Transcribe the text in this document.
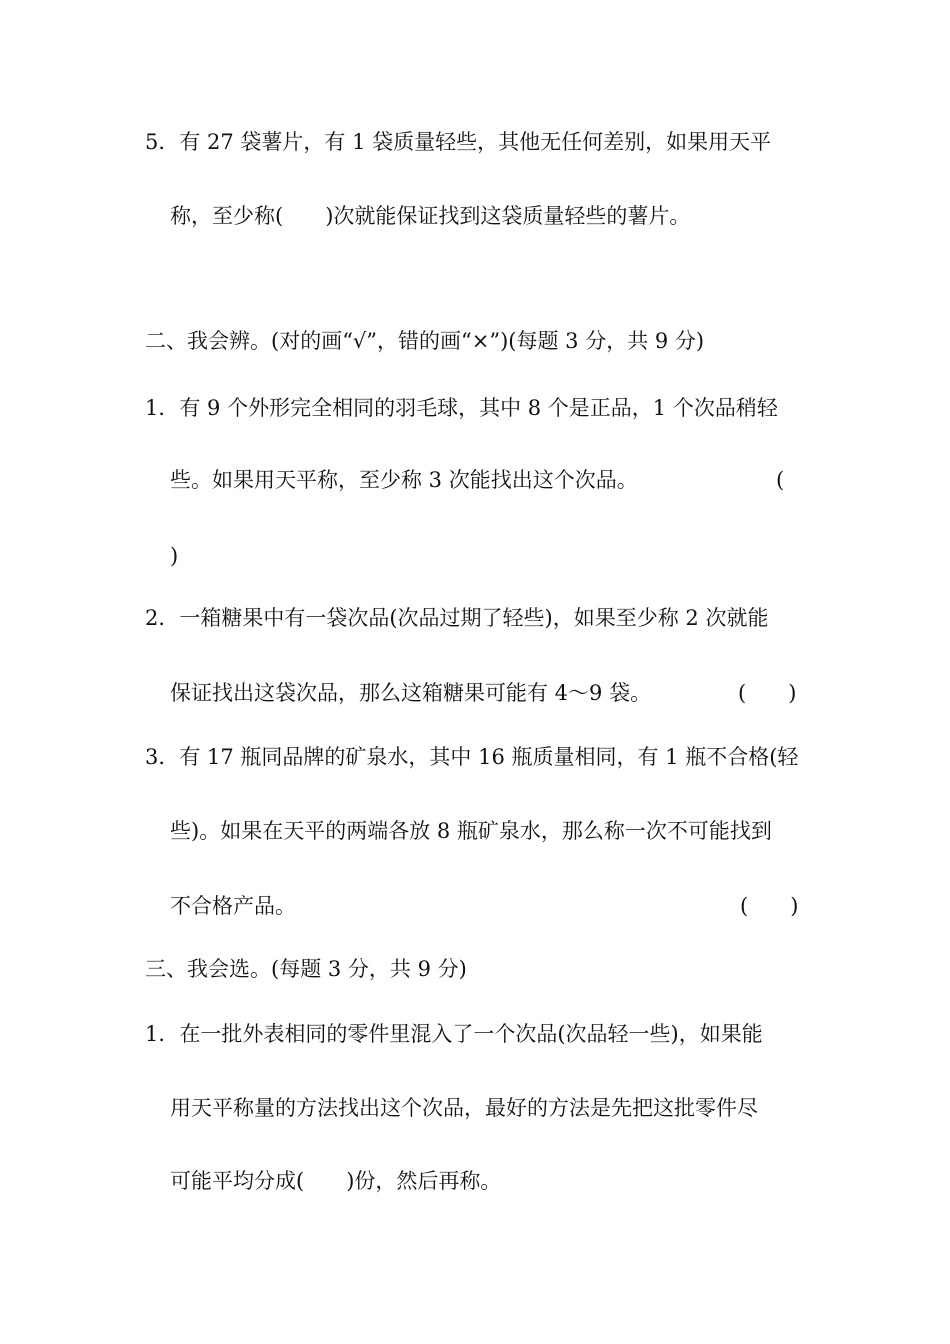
5．有 27 袋薯片，有 1 袋质量轻些，其他无任何差别，如果用天平
称，至少称(　　)次就能保证找到这袋质量轻些的薯片。
二、我会辨。(对的画“√”，错的画“×”)(每题 3 分，共 9 分)
1．有 9 个外形完全相同的羽毛球，其中 8 个是正品，1 个次品稍轻
些。如果用天平称，至少称 3 次能找出这个次品。	(
)
2．一箱糖果中有一袋次品(次品过期了轻些)，如果至少称 2 次就能
保证找出这袋次品，那么这箱糖果可能有 4～9 袋。	(　　)
3．有 17 瓶同品牌的矿泉水，其中 16 瓶质量相同，有 1 瓶不合格(轻
些)。如果在天平的两端各放 8 瓶矿泉水，那么称一次不可能找到
不合格产品。	(　　)
三、我会选。(每题 3 分，共 9 分)
1．在一批外表相同的零件里混入了一个次品(次品轻一些)，如果能
用天平称量的方法找出这个次品，最好的方法是先把这批零件尽
可能平均分成(　　)份，然后再称。
